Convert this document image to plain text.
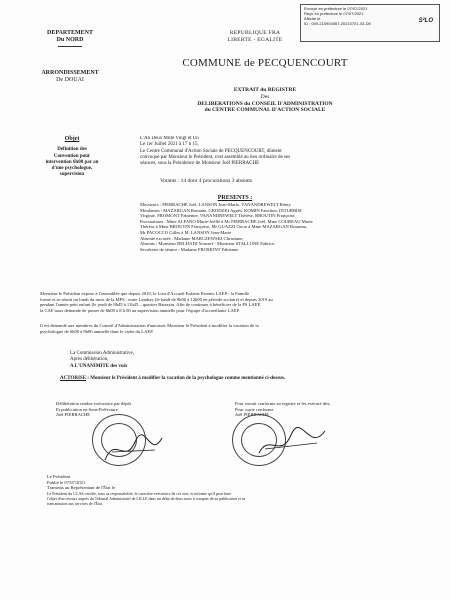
DEPARTEMENT
Du NORD
ARRONDISSEMENT
De DOUAI
REPUBLIQUE FRA
LIBERTE - EGALITE
Envoyé en préfecture le 07/07/2021
Reçu en préfecture le 07/07/2021
Affiché le
ID : 059-215904557-20210701-03-DE	S²LO
COMMUNE de PECQUENCOURT
EXTRAIT du REGISTRE
Des
DELIBERATIONS du CONSEIL D'ADMINISTRATION
du CENTRE COMMUNAL D'ACTION SOCIALE
Objet
Définition des
Convention pour
intervention 6h00 par an
d'une psychologue,
supervision
L'An Deux Mille Vingt et Un
Le 1er Juillet 2021 à 17 h 15,
Le Centre Communal d'Action Sociale de PECQUENCOURT, dûment
convoqué par Monsieur le Président, s'est assemblé au lieu ordinaire de ses
séances, sous la Présidence de Monsieur Joël PIERRACHE
Votants : 14 dont 4 procurations 3 absents
PRESENTS :
Messieurs : PIERRACHE Joël, LANSON Jean-Marie, VANANDREWELT Rémy
Mesdames : MAZARGAN Romane, GRODZKI Agnès, KOMIN Fanchon, DITURBISI
Virginie, FROMONT Fabienne, VANANDREWELT Thérèse, BROUTIN Françoise
Procurations : Mme ALFANO Marie-Joëlle à Mr PIERRACHE Joël, Mme COUREAU Marie
Thérèse à Mme BROUTIN Françoise, Mr GUAZZI Oscar à Mme MAZARGAN Rosanna,
Mr PACOCCO Gilles à M. LANSON Jean-Marie
Absente excusée : Madame MARCZEWSKI Christiane,
Absents : Monsieur BELHADJ Youssef - Monsieur STALLONE Fabrice,
Secrétaire de séance : Madame FROMONT Fabienne
Monsieur le Président expose à l'assemblée que depuis 2010, le Lieu d'Accueil Enfants Parents LAEP - la Famille
forme et se réunit un lundi du mois de la MPS : entre Lambay (le lundi de 9h00 à 12h00 en période scolaire) et depuis 2019 au
pendant l'année petit enfant (le jeudi de 8h45 à 11h45 – quartier Barrazin. Afin de continuer à bénéficier de la PS LAEP,
la CAF nous demande de passer de 6h00 à 8 h 00 au supervision annuelle pour l'équipe d'accueillante LAEP.
Il est demandé aux membres du Conseil d'Administration d'autoriser Monsieur le Président à modifier la vacation de la
psychologue de 6h00 à 8h00 annuelle dans le cadre du LAEP.
La Commission Administrative,
Après délibération,
A L'UNANIMITE des voix
ACTORISE : Monsieur le Président à modifier la vacation de la psychologue comme mentionné ci-dessus.
Délibération rendue exécutoire par dépôt
Et publication en Sous-Préfecture
Joël PIERRACHE
Pour extrait conforme au registre et les exécuté dits,
Pour copie conforme
Joël PIERRACHE
Le Président
Publié le 07/07/2021
Transmis au Représentant de l'État le
Le Président du CCAS certifie, sous sa responsabilité, le caractère exécutoire de cet acte, et informe qu'il peut faire
l'objet d'un recours auprès du Tribunal Administratif de LILLE dans un délai de deux mois à compter de sa publication et sa
transmission aux services de l'État.
